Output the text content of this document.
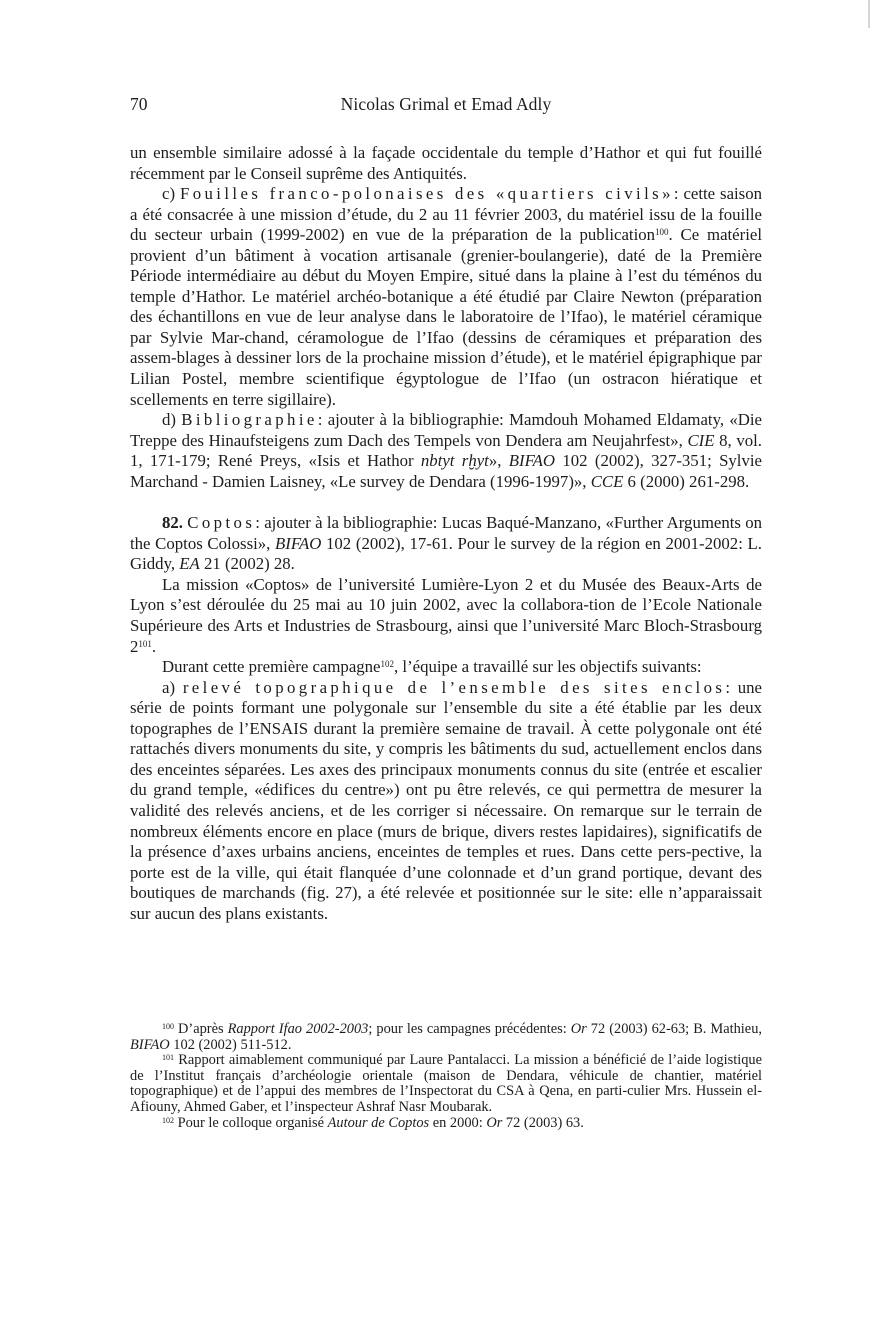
70	Nicolas Grimal et Emad Adly

un ensemble similaire adossé à la façade occidentale du temple d’Hathor et qui fut fouillé récemment par le Conseil suprême des Antiquités.

c) Fouilles franco-polonaises des «quartiers civils»: cette saison a été consacrée à une mission d’étude, du 2 au 11 février 2003, du matériel issu de la fouille du secteur urbain (1999-2002) en vue de la préparation de la publication$^{100}$. Ce matériel provient d’un bâtiment à vocation artisanale (grenier-boulangerie), daté de la Première Période intermédiaire au début du Moyen Empire, situé dans la plaine à l’est du téménos du temple d’Hathor. Le matériel archéo-botanique a été étudié par Claire Newton (préparation des échantillons en vue de leur analyse dans le laboratoire de l’Ifao), le matériel céramique par Sylvie Mar-chand, céramologue de l’Ifao (dessins de céramiques et préparation des assem-blages à dessiner lors de la prochaine mission d’étude), et le matériel épigraphique par Lilian Postel, membre scientifique égyptologue de l’Ifao (un ostracon hiératique et scellements en terre sigillaire).

d) Bibliographie: ajouter à la bibliographie: Mamdouh Mohamed Eldamaty, «Die Treppe des Hinaufsteigens zum Dach des Tempels von Dendera am Neujahrfest», CIE 8, vol. 1, 171-179; René Preys, «Isis et Hathor nbtyt rḫyt», BIFAO 102 (2002), 327-351; Sylvie Marchand - Damien Laisney, «Le survey de Dendara (1996-1997)», CCE 6 (2000) 261-298.

82. Coptos: ajouter à la bibliographie: Lucas Baqué-Manzano, «Further Arguments on the Coptos Colossi», BIFAO 102 (2002), 17-61. Pour le survey de la région en 2001-2002: L. Giddy, EA 21 (2002) 28.

La mission «Coptos» de l’université Lumière-Lyon 2 et du Musée des Beaux-Arts de Lyon s’est déroulée du 25 mai au 10 juin 2002, avec la collabora-tion de l’Ecole Nationale Supérieure des Arts et Industries de Strasbourg, ainsi que l’université Marc Bloch-Strasbourg 2$^{101}$.

Durant cette première campagne$^{102}$, l’équipe a travaillé sur les objectifs suivants:

a) relevé topographique de l’ensemble des sites enclos: une série de points formant une polygonale sur l’ensemble du site a été établie par les deux topographes de l’ENSAIS durant la première semaine de travail. À cette polygonale ont été rattachés divers monuments du site, y compris les bâtiments du sud, actuellement enclos dans des enceintes séparées. Les axes des principaux monuments connus du site (entrée et escalier du grand temple, «édifices du centre») ont pu être relevés, ce qui permettra de mesurer la validité des relevés anciens, et de les corriger si nécessaire. On remarque sur le terrain de nombreux éléments encore en place (murs de brique, divers restes lapidaires), significatifs de la présence d’axes urbains anciens, enceintes de temples et rues. Dans cette pers-pective, la porte est de la ville, qui était flanquée d’une colonnade et d’un grand portique, devant des boutiques de marchands (fig. 27), a été relevée et positionnée sur le site: elle n’apparaissait sur aucun des plans existants.

$^{100}$ D’après Rapport Ifao 2002-2003; pour les campagnes précédentes: Or 72 (2003) 62-63; B. Mathieu, BIFAO 102 (2002) 511-512.

$^{101}$ Rapport aimablement communiqué par Laure Pantalacci. La mission a bénéficié de l’aide logistique de l’Institut français d’archéologie orientale (maison de Dendara, véhicule de chantier, matériel topographique) et de l’appui des membres de l’Inspectorat du CSA à Qena, en parti-culier Mrs. Hussein el-Afiouny, Ahmed Gaber, et l’inspecteur Ashraf Nasr Moubarak.

$^{102}$ Pour le colloque organisé Autour de Coptos en 2000: Or 72 (2003) 63.
